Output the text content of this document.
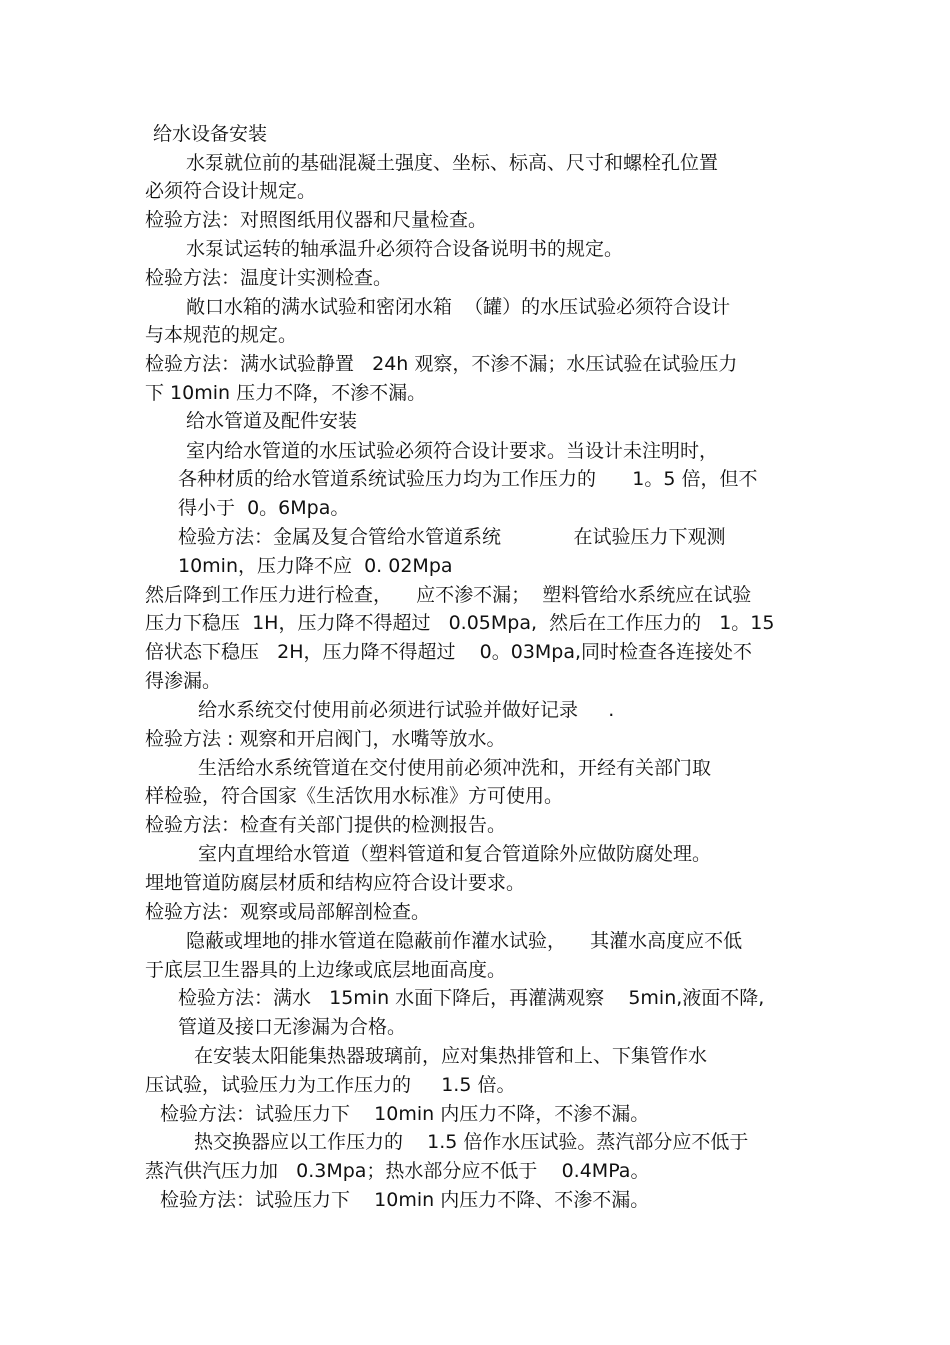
给水设备安装
水泵就位前的基础混凝土强度、坐标、标高、尺寸和螺栓孔位置
必须符合设计规定。
检验方法：对照图纸用仪器和尺量检查。
水泵试运转的轴承温升必须符合设备说明书的规定。
检验方法：温度计实测检查。
敞口水箱的满水试验和密闭水箱  （罐）的水压试验必须符合设计
与本规范的规定。
检验方法：满水试验静置   24h 观察，不渗不漏；水压试验在试验压力
下 10min 压力不降，不渗不漏。
给水管道及配件安装
室内给水管道的水压试验必须符合设计要求。当设计未注明时，
各种材质的给水管道系统试验压力均为工作压力的      1。5 倍，但不
得小于  0。6Mpa。
检验方法：金属及复合管给水管道系统            在试验压力下观测
10min，压力降不应  0. 02Mpa
然后降到工作压力进行检查，    应不渗不漏；  塑料管给水系统应在试验
压力下稳压  1H，压力降不得超过   0.05Mpa,  然后在工作压力的   1。15
倍状态下稳压   2H，压力降不得超过    0。03Mpa,同时检查各连接处不
得渗漏。
给水系统交付使用前必须进行试验并做好记录     .
检验方法 : 观察和开启阀门，水嘴等放水。
生活给水系统管道在交付使用前必须冲洗和，开经有关部门取
样检验，符合国家《生活饮用水标准》方可使用。
检验方法：检查有关部门提供的检测报告。
室内直埋给水管道（塑料管道和复合管道除外应做防腐处理。
埋地管道防腐层材质和结构应符合设计要求。
检验方法：观察或局部解剖检查。
隐蔽或埋地的排水管道在隐蔽前作灌水试验，    其灌水高度应不低
于底层卫生器具的上边缘或底层地面高度。
检验方法：满水   15min 水面下降后，再灌满观察    5min,液面不降,
管道及接口无渗漏为合格。
在安装太阳能集热器玻璃前，应对集热排管和上、下集管作水
压试验，试验压力为工作压力的     1.5 倍。
检验方法：试验压力下    10min 内压力不降，不渗不漏。
热交换器应以工作压力的    1.5 倍作水压试验。蒸汽部分应不低于
蒸汽供汽压力加   0.3Mpa；热水部分应不低于    0.4MPa。
检验方法：试验压力下    10min 内压力不降、不渗不漏。
